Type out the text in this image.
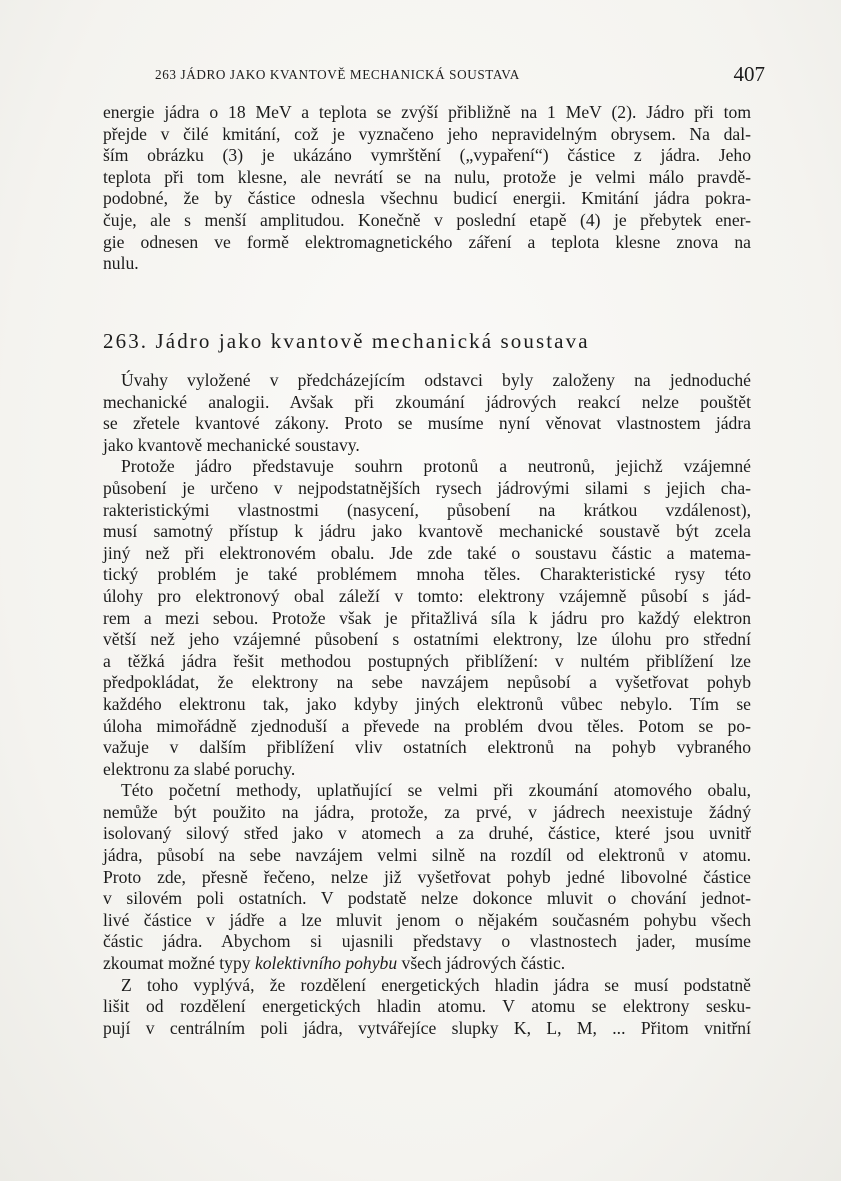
263 JÁDRO JAKO KVANTOVĚ MECHANICKÁ SOUSTAVA	407
energie jádra o 18 MeV a teplota se zvýší přibližně na 1 MeV (2). Jádro při tom
přejde v čilé kmitání, což je vyznačeno jeho nepravidelným obrysem. Na dal-
ším obrázku (3) je ukázáno vymrštění („vypaření“) částice z jádra. Jeho
teplota při tom klesne, ale nevrátí se na nulu, protože je velmi málo pravdě-
podobné, že by částice odnesla všechnu budicí energii. Kmitání jádra pokra-
čuje, ale s menší amplitudou. Konečně v poslední etapě (4) je přebytek ener-
gie odnesen ve formě elektromagnetického záření a teplota klesne znova na
nulu.
263. Jádro jako kvantově mechanická soustava
Úvahy vyložené v předcházejícím odstavci byly založeny na jednoduché
mechanické analogii. Avšak při zkoumání jádrových reakcí nelze pouštět
se zřetele kvantové zákony. Proto se musíme nyní věnovat vlastnostem jádra
jako kvantově mechanické soustavy.
Protože jádro představuje souhrn protonů a neutronů, jejichž vzájemné
působení je určeno v nejpodstatnějších rysech jádrovými silami s jejich cha-
rakteristickými vlastnostmi (nasycení, působení na krátkou vzdálenost),
musí samotný přístup k jádru jako kvantově mechanické soustavě být zcela
jiný než při elektronovém obalu. Jde zde také o soustavu částic a matema-
tický problém je také problémem mnoha těles. Charakteristické rysy této
úlohy pro elektronový obal záleží v tomto: elektrony vzájemně působí s jád-
rem a mezi sebou. Protože však je přitažlivá síla k jádru pro každý elektron
větší než jeho vzájemné působení s ostatními elektrony, lze úlohu pro střední
a těžká jádra řešit methodou postupných přiblížení: v nultém přiblížení lze
předpokládat, že elektrony na sebe navzájem nepůsobí a vyšetřovat pohyb
každého elektronu tak, jako kdyby jiných elektronů vůbec nebylo. Tím se
úloha mimořádně zjednoduší a převede na problém dvou těles. Potom se po-
važuje v dalším přiblížení vliv ostatních elektronů na pohyb vybraného
elektronu za slabé poruchy.
Této početní methody, uplatňující se velmi při zkoumání atomového obalu,
nemůže být použito na jádra, protože, za prvé, v jádrech neexistuje žádný
isolovaný silový střed jako v atomech a za druhé, částice, které jsou uvnitř
jádra, působí na sebe navzájem velmi silně na rozdíl od elektronů v atomu.
Proto zde, přesně řečeno, nelze již vyšetřovat pohyb jedné libovolné částice
v silovém poli ostatních. V podstatě nelze dokonce mluvit o chování jednot-
livé částice v jádře a lze mluvit jenom o nějakém současném pohybu všech
částic jádra. Abychom si ujasnili představy o vlastnostech jader, musíme
zkoumat možné typy kolektivního pohybu všech jádrových částic.
Z toho vyplývá, že rozdělení energetických hladin jádra se musí podstatně
lišit od rozdělení energetických hladin atomu. V atomu se elektrony sesku-
pují v centrálním poli jádra, vytvářejíce slupky K, L, M, ... Přitom vnitřní
